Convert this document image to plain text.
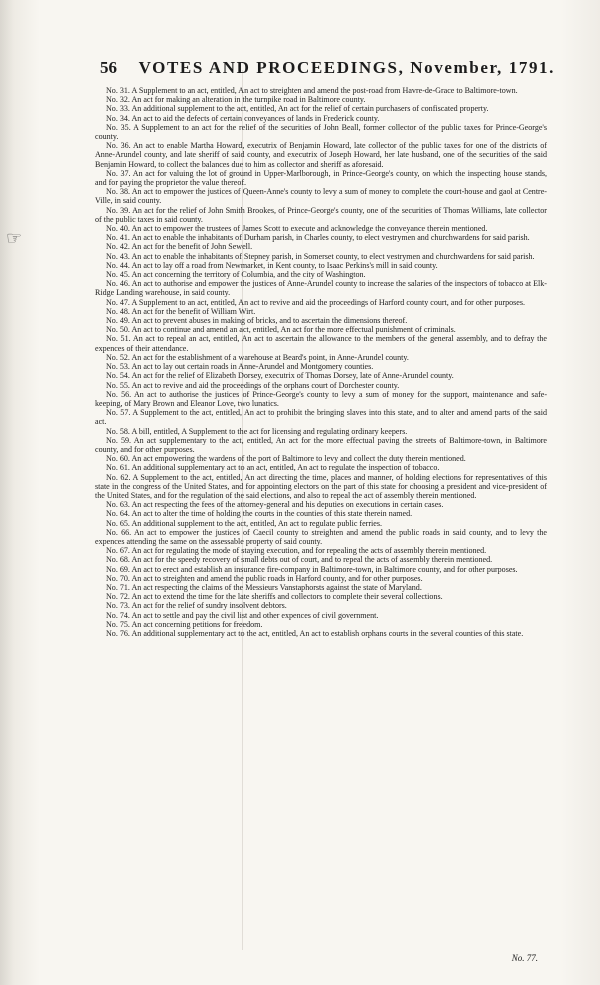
☞
56 VOTES AND PROCEEDINGS, November, 1791.

No. 31. A Supplement to an act, entitled, An act to streighten and amend the post-road from Havre-de-Grace to Baltimore-town.

No. 32. An act for making an alteration in the turnpike road in Baltimore county.

No. 33. An additional supplement to the act, entitled, An act for the relief of certain purchasers of confiscated property.

No. 34. An act to aid the defects of certain conveyances of lands in Frederick county.

No. 35. A Supplement to an act for the relief of the securities of John Beall, former collector of the public taxes for Prince-George's county.

No. 36. An act to enable Martha Howard, executrix of Benjamin Howard, late collector of the public taxes for one of the districts of Anne-Arundel county, and late sheriff of said county, and executrix of Joseph Howard, her late husband, one of the securities of the said Benjamin Howard, to collect the balances due to him as collector and sheriff as aforesaid.

No. 37. An act for valuing the lot of ground in Upper-Marlborough, in Prince-George's county, on which the inspecting house stands, and for paying the proprietor the value thereof.

No. 38. An act to empower the justices of Queen-Anne's county to levy a sum of money to complete the court-house and gaol at Centre-Ville, in said county.

No. 39. An act for the relief of John Smith Brookes, of Prince-George's county, one of the securities of Thomas Williams, late collector of the public taxes in said county.

No. 40. An act to empower the trustees of James Scott to execute and acknowledge the conveyance therein mentioned.

No. 41. An act to enable the inhabitants of Durham parish, in Charles county, to elect vestrymen and churchwardens for said parish.

No. 42. An act for the benefit of John Sewell.

No. 43. An act to enable the inhabitants of Stepney parish, in Somerset county, to elect vestrymen and churchwardens for said parish.

No. 44. An act to lay off a road from Newmarket, in Kent county, to Isaac Perkins's mill in said county.

No. 45. An act concerning the territory of Columbia, and the city of Washington.

No. 46. An act to authorise and empower the justices of Anne-Arundel county to increase the salaries of the inspectors of tobacco at Elk-Ridge Landing warehouse, in said county.

No. 47. A Supplement to an act, entitled, An act to revive and aid the proceedings of Harford county court, and for other purposes.

No. 48. An act for the benefit of William Wirt.

No. 49. An act to prevent abuses in making of bricks, and to ascertain the dimensions thereof.

No. 50. An act to continue and amend an act, entitled, An act for the more effectual punishment of criminals.

No. 51. An act to repeal an act, entitled, An act to ascertain the allowance to the members of the general assembly, and to defray the expences of their attendance.

No. 52. An act for the establishment of a warehouse at Beard's point, in Anne-Arundel county.

No. 53. An act to lay out certain roads in Anne-Arundel and Montgomery counties.

No. 54. An act for the relief of Elizabeth Dorsey, executrix of Thomas Dorsey, late of Anne-Arundel county.

No. 55. An act to revive and aid the proceedings of the orphans court of Dorchester county.

No. 56. An act to authorise the justices of Prince-George's county to levy a sum of money for the support, maintenance and safe-keeping, of Mary Brown and Eleanor Love, two lunatics.

No. 57. A Supplement to the act, entitled, An act to prohibit the bringing slaves into this state, and to alter and amend parts of the said act.

No. 58. A bill, entitled, A Supplement to the act for licensing and regulating ordinary keepers.

No. 59. An act supplementary to the act, entitled, An act for the more effectual paving the streets of Baltimore-town, in Baltimore county, and for other purposes.

No. 60. An act empowering the wardens of the port of Baltimore to levy and collect the duty therein mentioned.

No. 61. An additional supplementary act to an act, entitled, An act to regulate the inspection of tobacco.

No. 62. A Supplement to the act, entitled, An act directing the time, places and manner, of holding elections for representatives of this state in the congress of the United States, and for appointing electors on the part of this state for choosing a president and vice-president of the United States, and for the regulation of the said elections, and also to repeal the act of assembly therein mentioned.

No. 63. An act respecting the fees of the attorney-general and his deputies on executions in certain cases.

No. 64. An act to alter the time of holding the courts in the counties of this state therein named.

No. 65. An additional supplement to the act, entitled, An act to regulate public ferries.

No. 66. An act to empower the justices of Caecil county to streighten and amend the public roads in said county, and to levy the expences attending the same on the assessable property of said county.

No. 67. An act for regulating the mode of staying execution, and for repealing the acts of assembly therein mentioned.

No. 68. An act for the speedy recovery of small debts out of court, and to repeal the acts of assembly therein mentioned.

No. 69. An act to erect and establish an insurance fire-company in Baltimore-town, in Baltimore county, and for other purposes.

No. 70. An act to streighten and amend the public roads in Harford county, and for other purposes.

No. 71. An act respecting the claims of the Messieurs Vanstaphorsts against the state of Maryland.

No. 72. An act to extend the time for the late sheriffs and collectors to complete their several collections.

No. 73. An act for the relief of sundry insolvent debtors.

No. 74. An act to settle and pay the civil list and other expences of civil government.

No. 75. An act concerning petitions for freedom.

No. 76. An additional supplementary act to the act, entitled, An act to establish orphans courts in the several counties of this state.

No. 77.
